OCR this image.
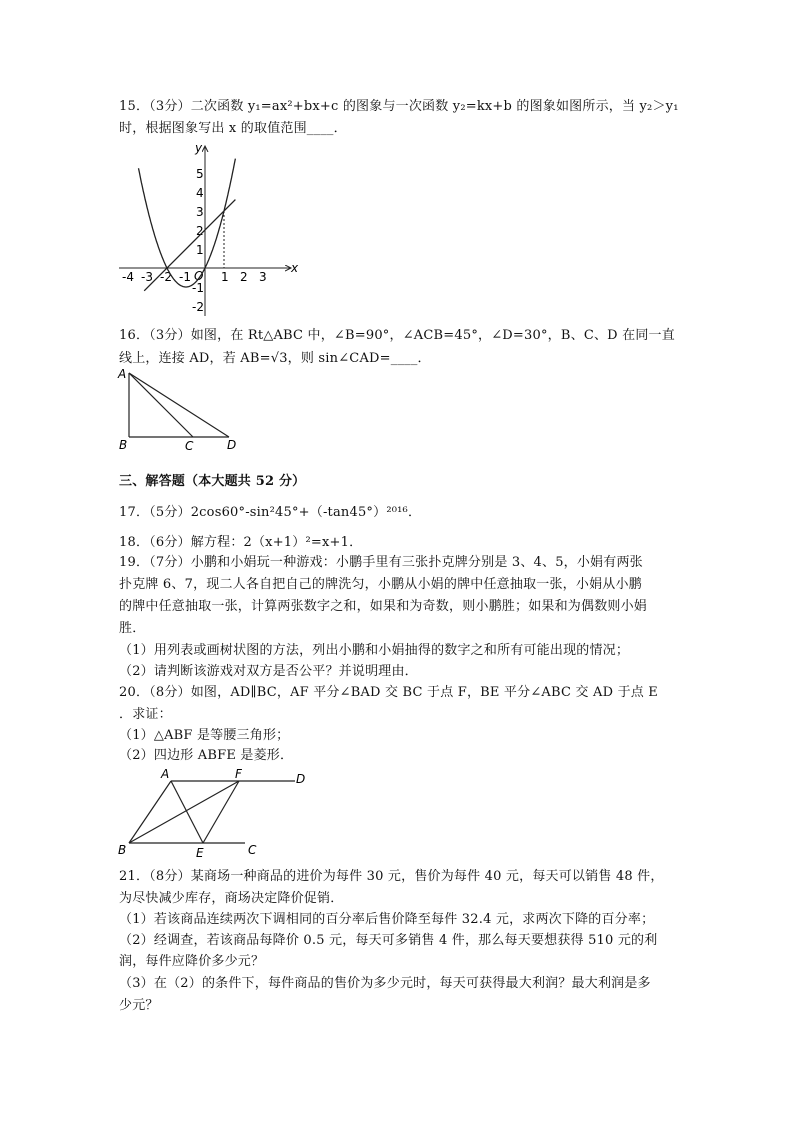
15．（3分）二次函数 y₁=ax²+bx+c 的图象与一次函数 y₂=kx+b 的图象如图所示，当 y₂＞y₁
时，根据图象写出 x 的取值范围____．
x
y
O
-4 -3 -2 -1	1 2 3
5
4
3
2
1
-1
-2
16．（3分）如图，在 Rt△ABC 中，∠B=90°，∠ACB=45°，∠D=30°，B、C、D 在同一直
线上，连接 AD，若 AB=√3，则 sin∠CAD=____．
A
B	C	D
三、解答题（本大题共 52 分）
17．（5分）2cos60°-sin²45°+（-tan45°）²⁰¹⁶．
18．（6分）解方程：2（x+1）²=x+1．
19．（7分）小鹏和小娟玩一种游戏：小鹏手里有三张扑克牌分别是 3、4、5，小娟有两张
扑克牌 6、7，现二人各自把自己的牌洗匀，小鹏从小娟的牌中任意抽取一张，小娟从小鹏
的牌中任意抽取一张，计算两张数字之和，如果和为奇数，则小鹏胜；如果和为偶数则小娟
胜．
（1）用列表或画树状图的方法，列出小鹏和小娟抽得的数字之和所有可能出现的情况；
（2）请判断该游戏对双方是否公平？并说明理由．
20．（8分）如图，AD∥BC，AF 平分∠BAD 交 BC 于点 F，BE 平分∠ABC 交 AD 于点 E
．求证：
（1）△ABF 是等腰三角形；
（2）四边形 ABFE 是菱形．
A	F	D
B	E	C
21．（8分）某商场一种商品的进价为每件 30 元，售价为每件 40 元，每天可以销售 48 件，
为尽快减少库存，商场决定降价促销．
（1）若该商品连续两次下调相同的百分率后售价降至每件 32.4 元，求两次下降的百分率；
（2）经调查，若该商品每降价 0.5 元，每天可多销售 4 件，那么每天要想获得 510 元的利
润，每件应降价多少元？
（3）在（2）的条件下，每件商品的售价为多少元时，每天可获得最大利润？最大利润是多
少元？
